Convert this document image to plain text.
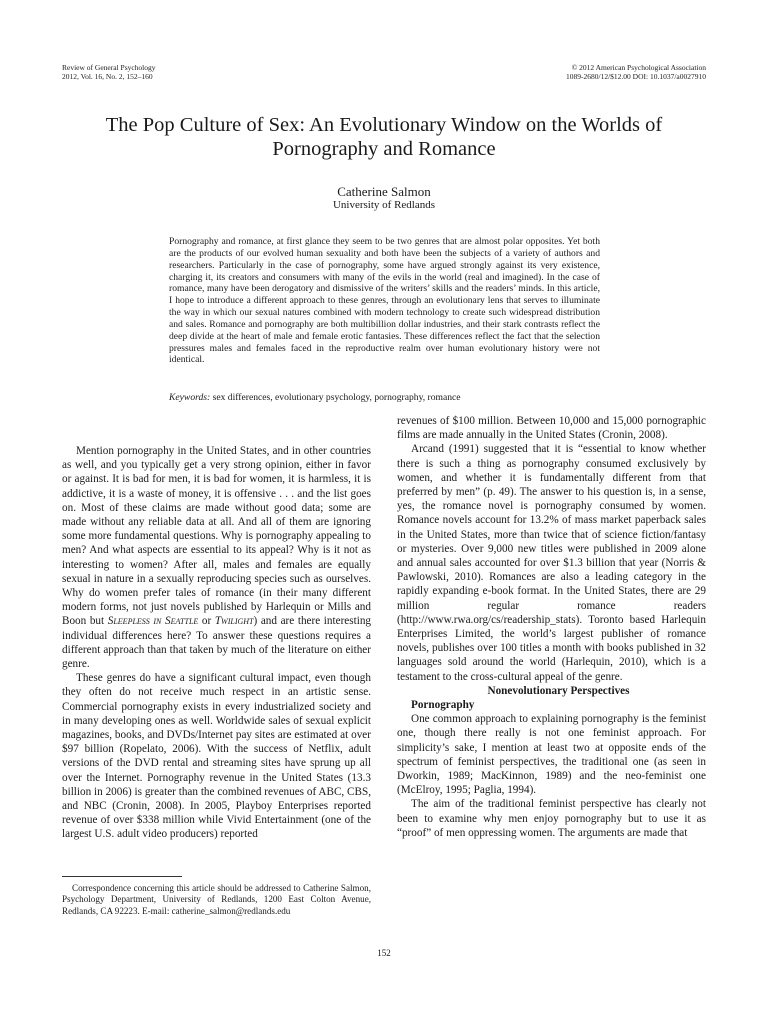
Review of General Psychology
2012, Vol. 16, No. 2, 152–160
© 2012 American Psychological Association
1089-2680/12/$12.00 DOI: 10.1037/a0027910
The Pop Culture of Sex: An Evolutionary Window on the Worlds of Pornography and Romance
Catherine Salmon
University of Redlands
Pornography and romance, at first glance they seem to be two genres that are almost polar opposites. Yet both are the products of our evolved human sexuality and both have been the subjects of a variety of authors and researchers. Particularly in the case of pornography, some have argued strongly against its very existence, charging it, its creators and consumers with many of the evils in the world (real and imagined). In the case of romance, many have been derogatory and dismissive of the writers’ skills and the readers’ minds. In this article, I hope to introduce a different approach to these genres, through an evolutionary lens that serves to illuminate the way in which our sexual natures combined with modern technology to create such widespread distribution and sales. Romance and pornography are both multibillion dollar industries, and their stark contrasts reflect the deep divide at the heart of male and female erotic fantasies. These differences reflect the fact that the selection pressures males and females faced in the reproductive realm over human evolutionary history were not identical.
Keywords: sex differences, evolutionary psychology, pornography, romance

Mention pornography in the United States, and in other countries as well, and you typically get a very strong opinion, either in favor or against. It is bad for men, it is bad for women, it is harmless, it is addictive, it is a waste of money, it is offensive . . . and the list goes on. Most of these claims are made without good data; some are made without any reliable data at all. And all of them are ignoring some more fundamental questions. Why is pornography appealing to men? And what aspects are essential to its appeal? Why is it not as interesting to women? After all, males and females are equally sexual in nature in a sexually reproducing species such as ourselves. Why do women prefer tales of romance (in their many different modern forms, not just novels published by Harlequin or Mills and Boon but Sleepless in Seattle or Twilight) and are there interesting individual differences here? To answer these questions requires a different approach than that taken by much of the literature on either genre.

These genres do have a significant cultural impact, even though they often do not receive much respect in an artistic sense. Commercial pornography exists in every industrialized society and in many developing ones as well. Worldwide sales of sexual explicit magazines, books, and DVDs/Internet pay sites are estimated at over $97 billion (Ropelato, 2006). With the success of Netflix, adult versions of the DVD rental and streaming sites have sprung up all over the Internet. Pornography revenue in the United States (13.3 billion in 2006) is greater than the combined revenues of ABC, CBS, and NBC (Cronin, 2008). In 2005, Playboy Enterprises reported revenue of over $338 million while Vivid Entertainment (one of the largest U.S. adult video producers) reported

revenues of $100 million. Between 10,000 and 15,000 pornographic films are made annually in the United States (Cronin, 2008).

Arcand (1991) suggested that it is “essential to know whether there is such a thing as pornography consumed exclusively by women, and whether it is fundamentally different from that preferred by men” (p. 49). The answer to his question is, in a sense, yes, the romance novel is pornography consumed by women. Romance novels account for 13.2% of mass market paperback sales in the United States, more than twice that of science fiction/fantasy or mysteries. Over 9,000 new titles were published in 2009 alone and annual sales accounted for over $1.3 billion that year (Norris & Pawlowski, 2010). Romances are also a leading category in the rapidly expanding e-book format. In the United States, there are 29 million regular romance readers (http://www.rwa.org/cs/readership_stats). Toronto based Harlequin Enterprises Limited, the world’s largest publisher of romance novels, publishes over 100 titles a month with books published in 32 languages sold around the world (Harlequin, 2010), which is a testament to the cross-cultural appeal of the genre.

Nonevolutionary Perspectives

Pornography

One common approach to explaining pornography is the feminist one, though there really is not one feminist approach. For simplicity’s sake, I mention at least two at opposite ends of the spectrum of feminist perspectives, the traditional one (as seen in Dworkin, 1989; MacKinnon, 1989) and the neo-feminist one (McElroy, 1995; Paglia, 1994).

The aim of the traditional feminist perspective has clearly not been to examine why men enjoy pornography but to use it as “proof” of men oppressing women. The arguments are made that

Correspondence concerning this article should be addressed to Catherine Salmon, Psychology Department, University of Redlands, 1200 East Colton Avenue, Redlands, CA 92223. E-mail: catherine_salmon@redlands.edu

152
